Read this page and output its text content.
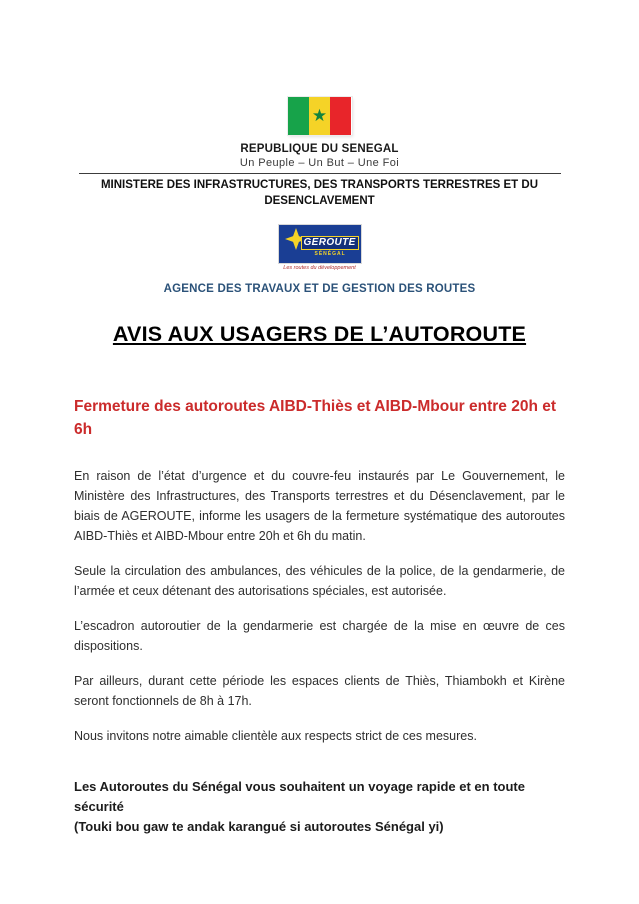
★
REPUBLIQUE DU SENEGAL
Un Peuple – Un But – Une Foi
MINISTERE DES INFRASTRUCTURES, DES TRANSPORTS TERRESTRES ET DU DESENCLAVEMENT
GEROUTE
SÉNÉGAL
Les routes du développement
AGENCE DES TRAVAUX ET DE GESTION DES ROUTES
AVIS AUX USAGERS DE L’AUTOROUTE
Fermeture des autoroutes AIBD-Thiès et AIBD-Mbour entre 20h et 6h

En raison de l’état d’urgence et du couvre-feu instaurés par Le Gouvernement, le Ministère des Infrastructures, des Transports terrestres et du Désenclavement, par le biais de AGEROUTE, informe les usagers de la fermeture systématique des autoroutes AIBD-Thiès et AIBD-Mbour entre 20h et 6h du matin.

Seule la circulation des ambulances, des véhicules de la police, de la gendarmerie, de l’armée et ceux détenant des autorisations spéciales, est autorisée.

L’escadron autoroutier de la gendarmerie est chargée de la mise en œuvre de ces dispositions.

Par ailleurs, durant cette période les espaces clients de Thiès, Thiambokh et Kirène seront fonctionnels de 8h à 17h.

Nous invitons notre aimable clientèle aux respects strict de ces mesures.

Les Autoroutes du Sénégal vous souhaitent un voyage rapide et en toute sécurité
(Touki bou gaw te andak karangué si autoroutes Sénégal yi)
